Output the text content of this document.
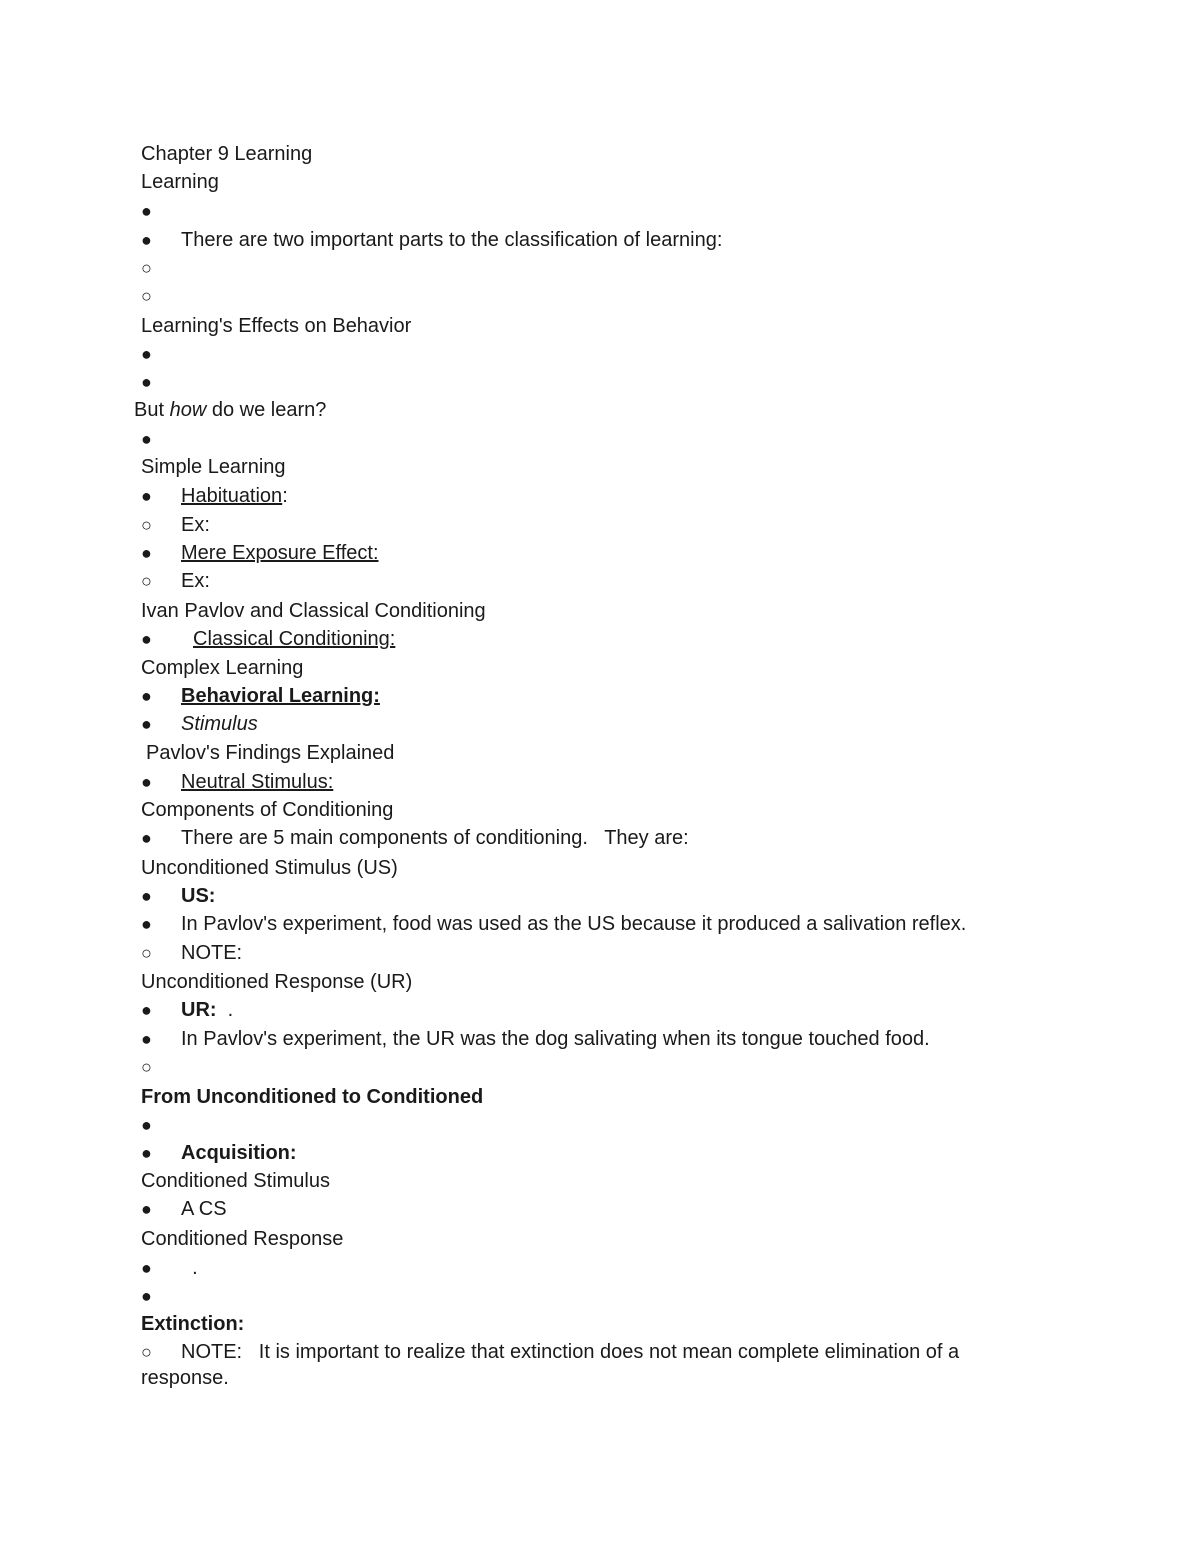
Chapter 9 Learning
Learning
●
● There are two important parts to the classification of learning:
○
○
Learning's Effects on Behavior
●
●
But how do we learn?
●
Simple Learning
● Habituation:
○ Ex:
● Mere Exposure Effect:
○ Ex:
Ivan Pavlov and Classical Conditioning
● Classical Conditioning:
Complex Learning
● Behavioral Learning:
● Stimulus
Pavlov's Findings Explained
● Neutral Stimulus:
Components of Conditioning
● There are 5 main components of conditioning.   They are:
Unconditioned Stimulus (US)
● US:
● In Pavlov's experiment, food was used as the US because it produced a salivation reflex.
○ NOTE:
Unconditioned Response (UR)
● UR:  .
● In Pavlov's experiment, the UR was the dog salivating when its tongue touched food.
○
From Unconditioned to Conditioned
●
● Acquisition:
Conditioned Stimulus
● A CS
Conditioned Response
●  .
●
Extinction:
○	NOTE:   It is important to realize that extinction does not mean complete elimination of a response.
